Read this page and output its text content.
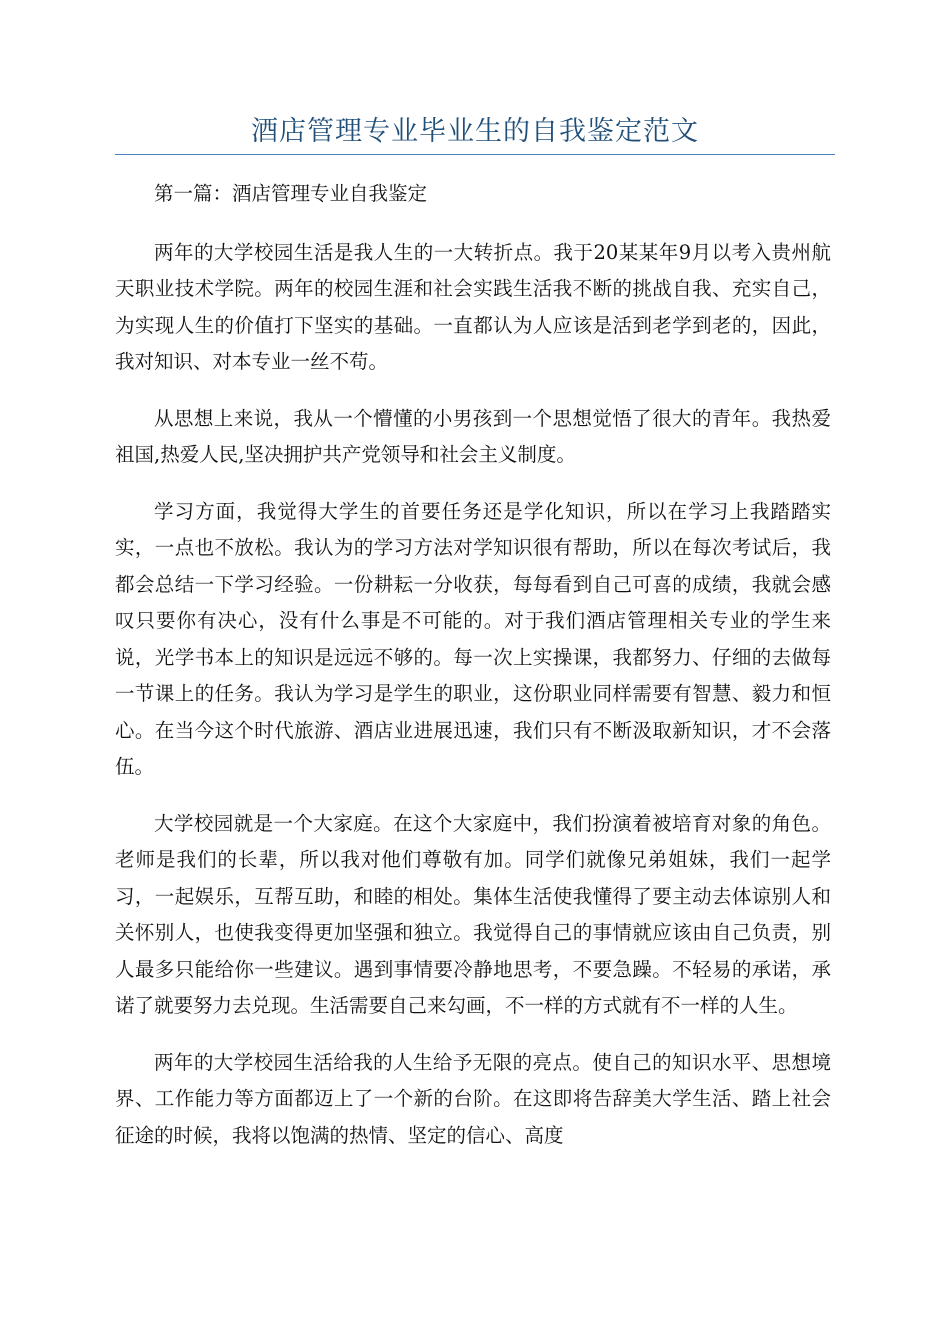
酒店管理专业毕业生的自我鉴定范文

第一篇：酒店管理专业自我鉴定

两年的大学校园生活是我人生的一大转折点。我于20某某年9月以考入贵州航天职业技术学院。两年的校园生涯和社会实践生活我不断的挑战自我、充实自己，为实现人生的价值打下坚实的基础。一直都认为人应该是活到老学到老的，因此，我对知识、对本专业一丝不苟。

从思想上来说，我从一个懵懂的小男孩到一个思想觉悟了很大的青年。我热爱祖国,热爱人民,坚决拥护共产党领导和社会主义制度。

学习方面，我觉得大学生的首要任务还是学化知识，所以在学习上我踏踏实实，一点也不放松。我认为的学习方法对学知识很有帮助，所以在每次考试后，我都会总结一下学习经验。一份耕耘一分收获，每每看到自己可喜的成绩，我就会感叹只要你有决心，没有什么事是不可能的。对于我们酒店管理相关专业的学生来说，光学书本上的知识是远远不够的。每一次上实操课，我都努力、仔细的去做每一节课上的任务。我认为学习是学生的职业，这份职业同样需要有智慧、毅力和恒心。在当今这个时代旅游、酒店业进展迅速，我们只有不断汲取新知识，才不会落伍。

大学校园就是一个大家庭。在这个大家庭中，我们扮演着被培育对象的角色。老师是我们的长辈，所以我对他们尊敬有加。同学们就像兄弟姐妹，我们一起学习，一起娱乐，互帮互助，和睦的相处。集体生活使我懂得了要主动去体谅别人和关怀别人，也使我变得更加坚强和独立。我觉得自己的事情就应该由自己负责，别人最多只能给你一些建议。遇到事情要冷静地思考，不要急躁。不轻易的承诺，承诺了就要努力去兑现。生活需要自己来勾画，不一样的方式就有不一样的人生。

两年的大学校园生活给我的人生给予无限的亮点。使自己的知识水平、思想境界、工作能力等方面都迈上了一个新的台阶。在这即将告辞美大学生活、踏上社会征途的时候，我将以饱满的热情、坚定的信心、高度
